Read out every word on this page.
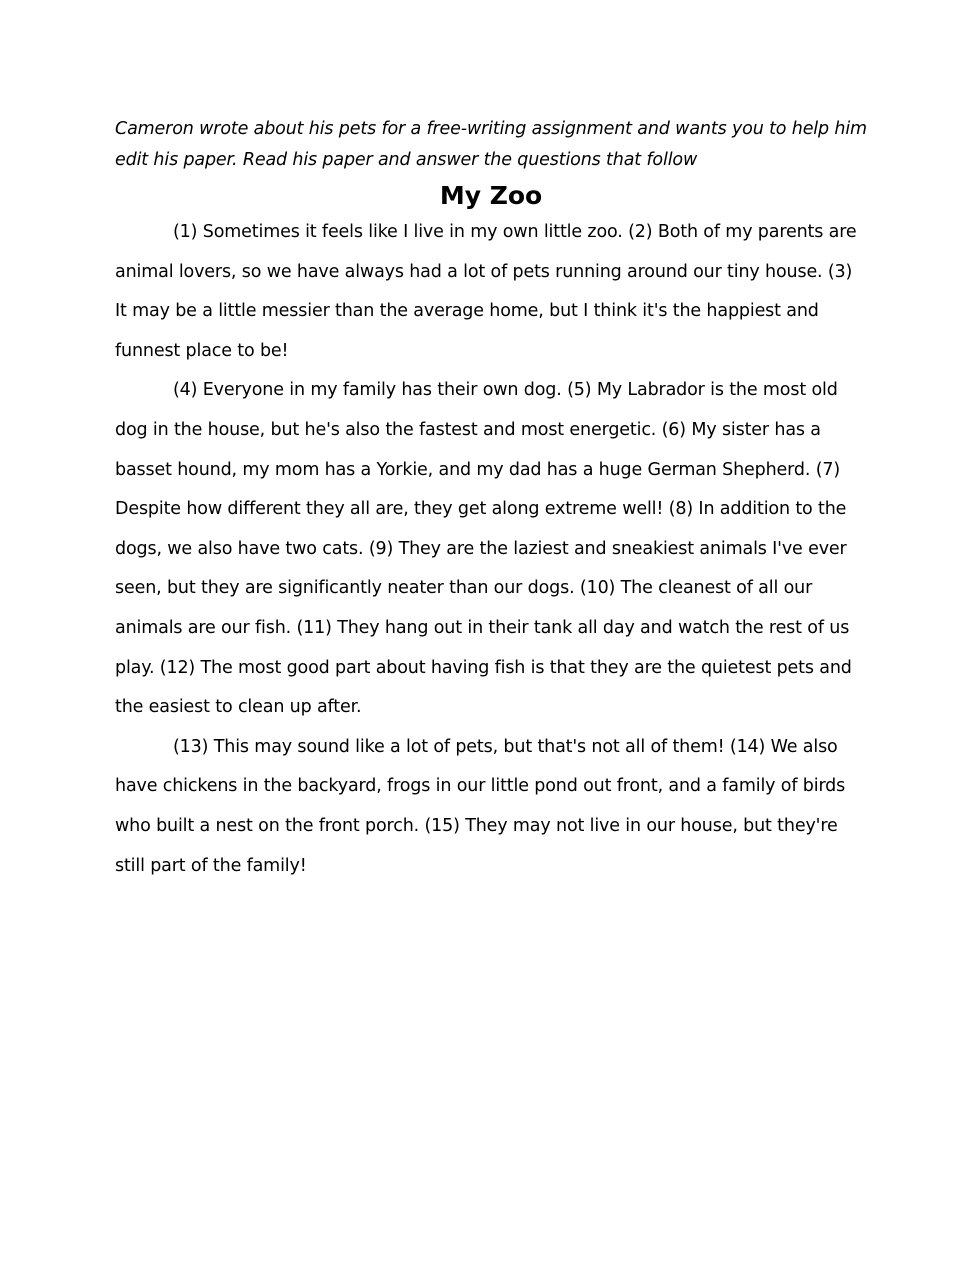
Cameron wrote about his pets for a free-writing assignment and wants you to help him edit his paper. Read his paper and answer the questions that follow

My Zoo

(1) Sometimes it feels like I live in my own little zoo. (2) Both of my parents are animal lovers, so we have always had a lot of pets running around our tiny house. (3) It may be a little messier than the average home, but I think it's the happiest and funnest place to be!

(4) Everyone in my family has their own dog. (5) My Labrador is the most old dog in the house, but he's also the fastest and most energetic. (6) My sister has a basset hound, my mom has a Yorkie, and my dad has a huge German Shepherd. (7) Despite how different they all are, they get along extreme well! (8) In addition to the dogs, we also have two cats. (9) They are the laziest and sneakiest animals I've ever seen, but they are significantly neater than our dogs. (10) The cleanest of all our animals are our fish. (11) They hang out in their tank all day and watch the rest of us play. (12) The most good part about having fish is that they are the quietest pets and the easiest to clean up after.

(13) This may sound like a lot of pets, but that's not all of them! (14) We also have chickens in the backyard, frogs in our little pond out front, and a family of birds who built a nest on the front porch. (15) They may not live in our house, but they're still part of the family!
